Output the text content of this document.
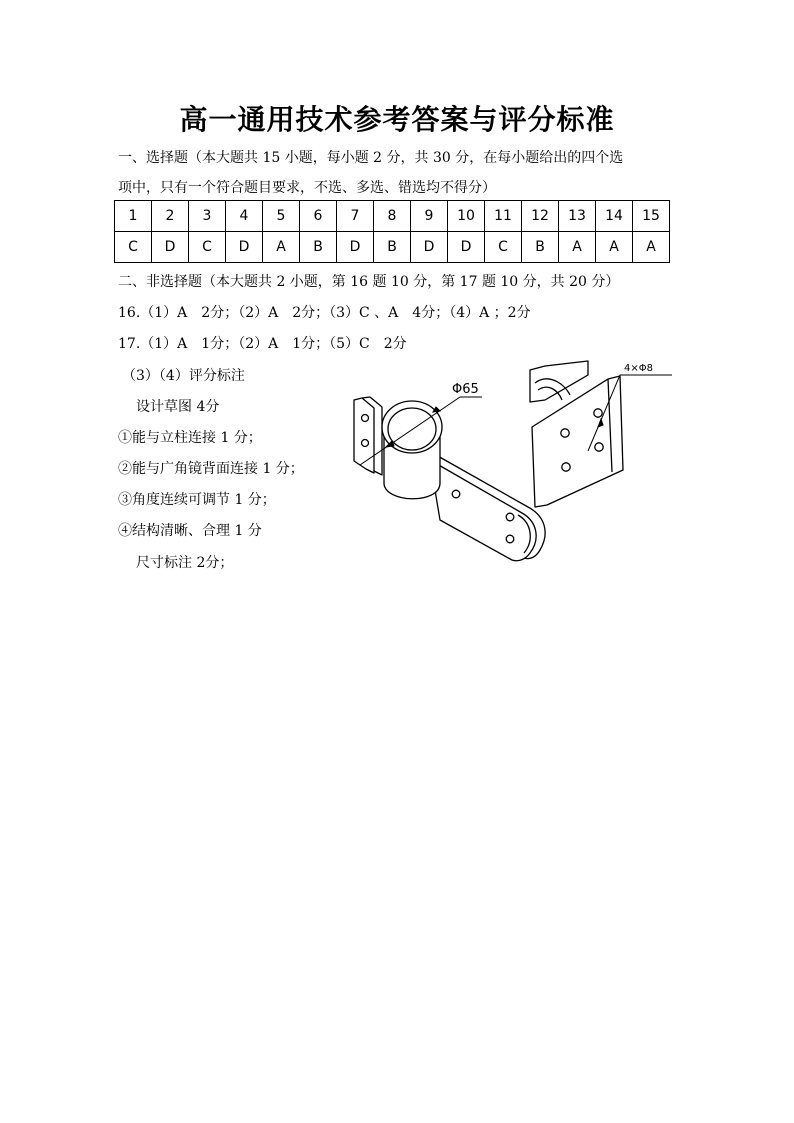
高一通用技术参考答案与评分标准
一、选择题（本大题共 15 小题，每小题 2 分，共 30 分，在每小题给出的四个选
项中，只有一个符合题目要求，不选、多选、错选均不得分）
1	2	3	4	5	6	7	8	9	10	11	12	13	14	15
C	D	C	D	A	B	D	B	D	D	C	B	A	A	A
二、非选择题（本大题共 2 小题，第 16 题 10 分，第 17 题 10 分，共 20 分）
16.（1）A　2分；（2）A　2分；（3）C 、A　4分；（4）A ；2分
17.（1）A　1分；（2）A　1分；（5）C　2分
（3）（4）评分标注
设计草图 4分
①能与立柱连接 1 分；
②能与广角镜背面连接 1 分；
③角度连续可调节 1 分；
④结构清晰、合理 1 分
尺寸标注 2分；
Φ65
4×Φ8
